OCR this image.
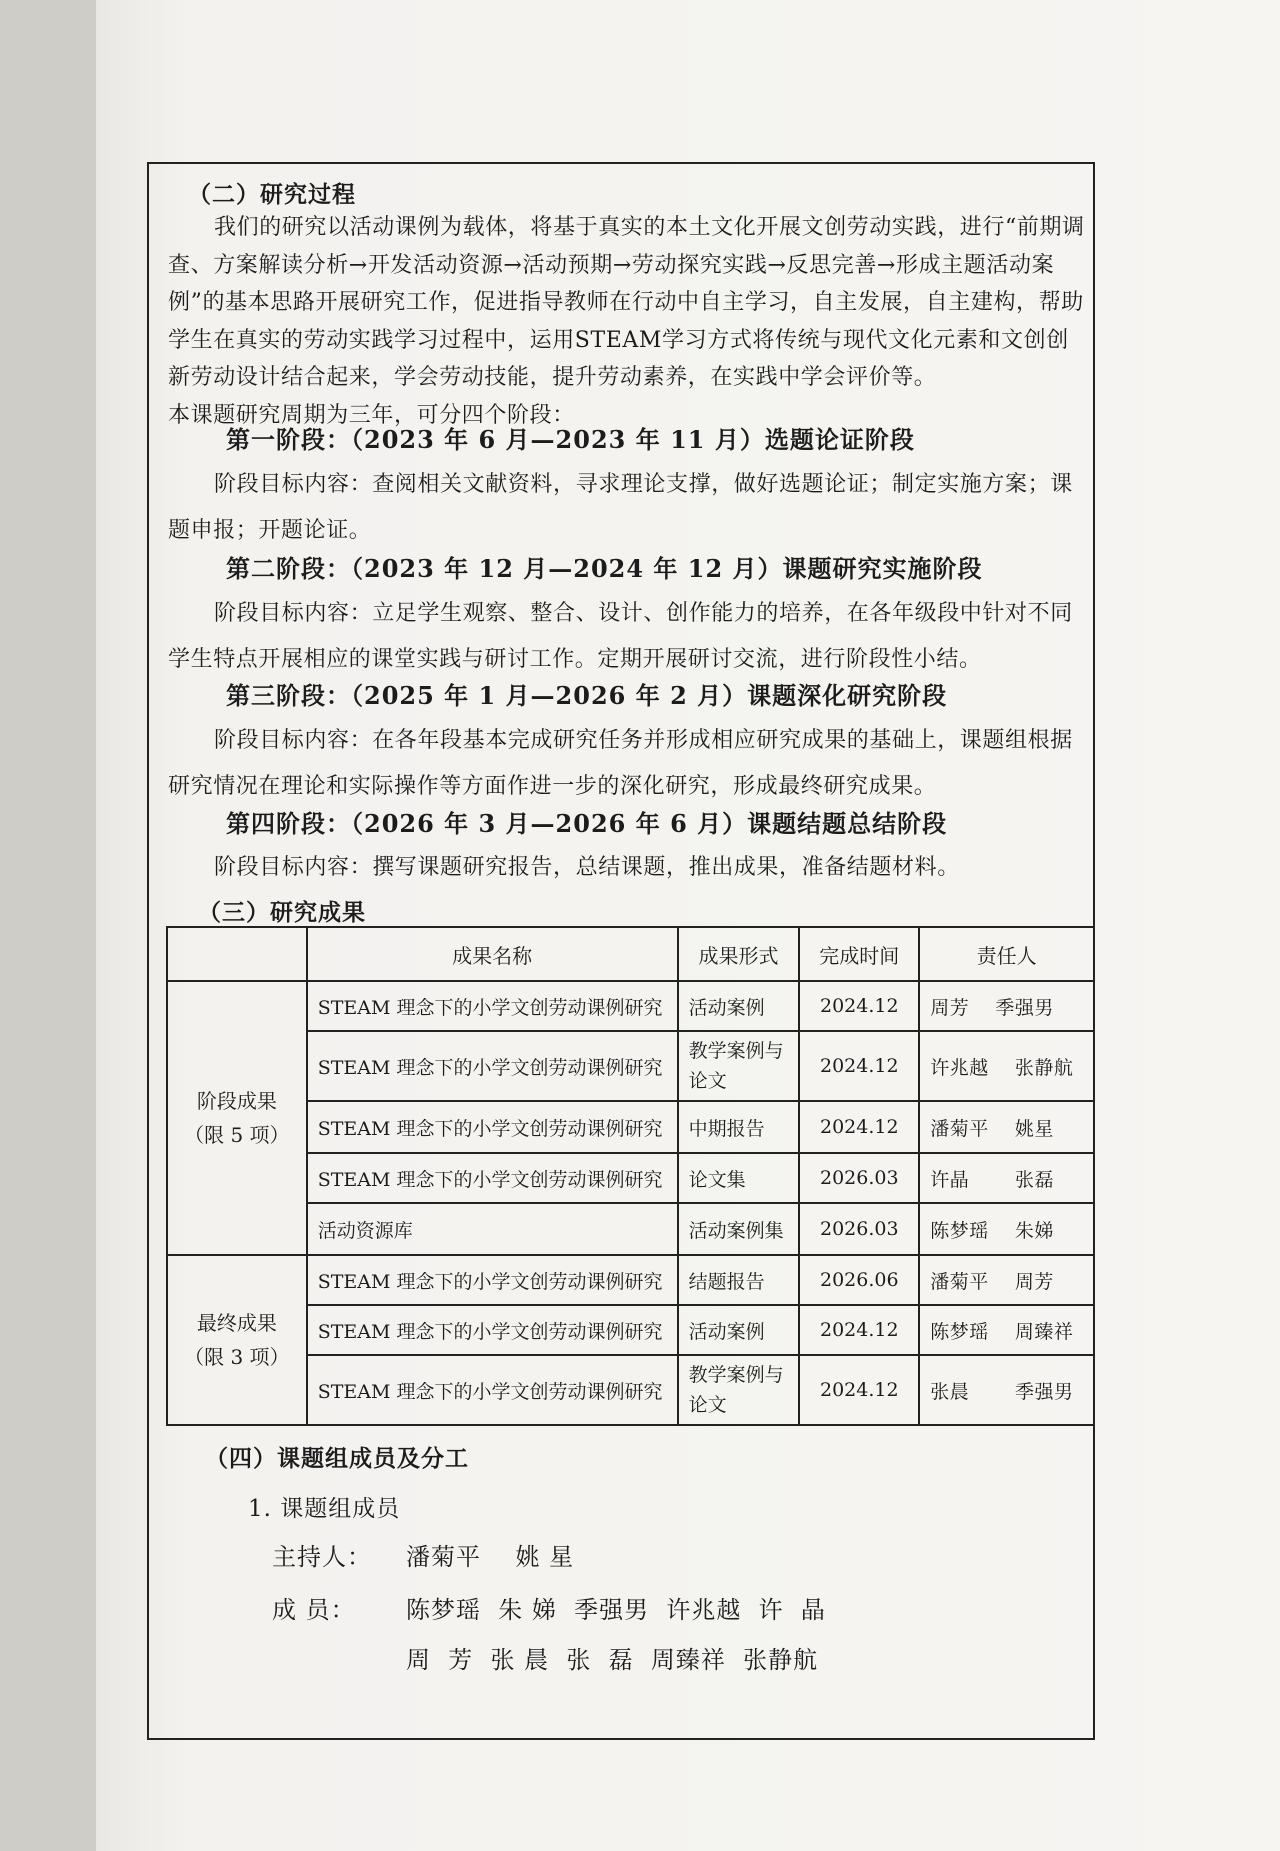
（二）研究过程

我们的研究以活动课例为载体，将基于真实的本土文化开展文创劳动实践，进行“前期调查、方案解读分析→开发活动资源→活动预期→劳动探究实践→反思完善→形成主题活动案例”的基本思路开展研究工作，促进指导教师在行动中自主学习，自主发展，自主建构，帮助学生在真实的劳动实践学习过程中，运用STEAM学习方式将传统与现代文化元素和文创创新劳动设计结合起来，学会劳动技能，提升劳动素养，在实践中学会评价等。

本课题研究周期为三年，可分四个阶段：

第一阶段：（2023 年 6 月—2023 年 11 月）选题论证阶段
阶段目标内容：查阅相关文献资料，寻求理论支撑，做好选题论证；制定实施方案；课题申报；开题论证。
第二阶段：（2023 年 12 月—2024 年 12 月）课题研究实施阶段
阶段目标内容：立足学生观察、整合、设计、创作能力的培养，在各年级段中针对不同学生特点开展相应的课堂实践与研讨工作。定期开展研讨交流，进行阶段性小结。
第三阶段：（2025 年 1 月—2026 年 2 月）课题深化研究阶段
阶段目标内容：在各年段基本完成研究任务并形成相应研究成果的基础上，课题组根据研究情况在理论和实际操作等方面作进一步的深化研究，形成最终研究成果。
第四阶段：（2026 年 3 月—2026 年 6 月）课题结题总结阶段
阶段目标内容：撰写课题研究报告，总结课题，推出成果，准备结题材料。
（三）研究成果
	成果名称	成果形式	完成时间	责任人

阶段成果
（限 5 项）	STEAM 理念下的小学文创劳动课例研究	活动案例	2024.12	周芳 季强男
	STEAM 理念下的小学文创劳动课例研究	教学案例与论文	2024.12	许兆越 张静航
	STEAM 理念下的小学文创劳动课例研究	中期报告	2024.12	潘菊平 姚星
	STEAM 理念下的小学文创劳动课例研究	论文集	2026.03	许晶 张磊
	活动资源库	活动案例集	2026.03	陈梦瑶 朱娣

最终成果
（限 3 项）	STEAM 理念下的小学文创劳动课例研究	结题报告	2026.06	潘菊平 周芳
	STEAM 理念下的小学文创劳动课例研究	活动案例	2024.12	陈梦瑶 周臻祥
	STEAM 理念下的小学文创劳动课例研究	教学案例与论文	2024.12	张晨 季强男
（四）课题组成员及分工
1. 课题组成员
主持人： 潘菊平    姚 星
成 员： 陈梦瑶  朱 娣  季强男  许兆越  许  晶
周  芳  张 晨  张  磊  周臻祥  张静航
